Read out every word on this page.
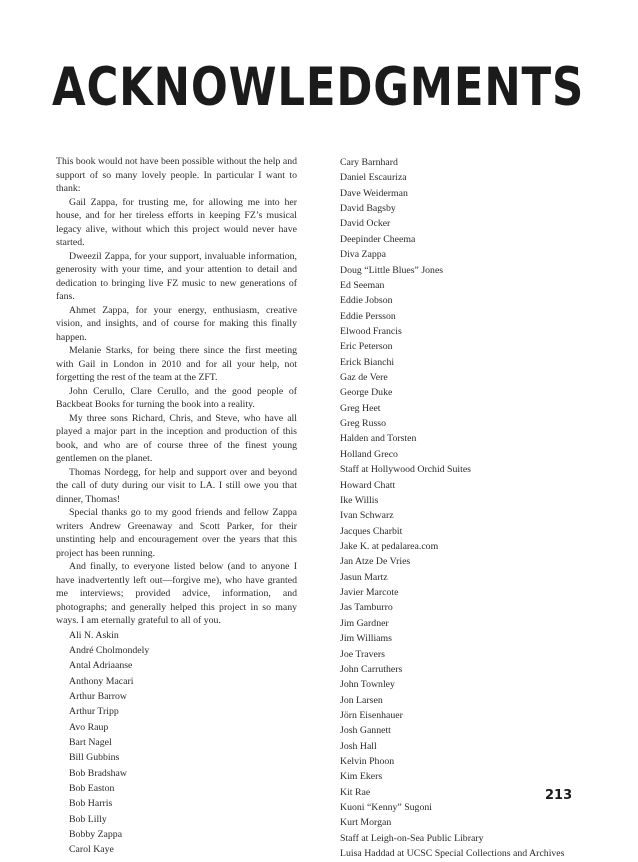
ACKNOWLEDGMENTS

This book would not have been possible without the help and support of so many lovely people. In particular I want to thank:

Gail Zappa, for trusting me, for allowing me into her house, and for her tireless efforts in keeping FZ’s musical legacy alive, without which this project would never have started.

Dweezil Zappa, for your support, invaluable information, generosity with your time, and your attention to detail and dedication to bringing live FZ music to new generations of fans.

Ahmet Zappa, for your energy, enthusiasm, creative vision, and insights, and of course for making this finally happen.

Melanie Starks, for being there since the first meeting with Gail in London in 2010 and for all your help, not forgetting the rest of the team at the ZFT.

John Cerullo, Clare Cerullo, and the good people of Backbeat Books for turning the book into a reality.

My three sons Richard, Chris, and Steve, who have all played a major part in the inception and production of this book, and who are of course three of the finest young gentlemen on the planet.

Thomas Nordegg, for help and support over and beyond the call of duty during our visit to LA. I still owe you that dinner, Thomas!

Special thanks go to my good friends and fellow Zappa writers Andrew Greenaway and Scott Parker, for their unstinting help and encouragement over the years that this project has been running.

And finally, to everyone listed below (and to anyone I have inadvertently left out—forgive me), who have granted me interviews; provided advice, information, and photographs; and generally helped this project in so many ways. I am eternally grateful to all of you.

Ali N. Askin
André Cholmondely
Antal Adriaanse
Anthony Macari
Arthur Barrow
Arthur Tripp
Avo Raup
Bart Nagel
Bill Gubbins
Bob Bradshaw
Bob Easton
Bob Harris
Bob Lilly
Bobby Zappa
Carol Kaye
Cary Barnhard
Daniel Escauriza
Dave Weiderman
David Bagsby
David Ocker
Deepinder Cheema
Diva Zappa
Doug “Little Blues” Jones
Ed Seeman
Eddie Jobson
Eddie Persson
Elwood Francis
Eric Peterson
Erick Bianchi
Gaz de Vere
George Duke
Greg Heet
Greg Russo
Halden and Torsten
Holland Greco
Staff at Hollywood Orchid Suites
Howard Chatt
Ike Willis
Ivan Schwarz
Jacques Charbit
Jake K. at pedalarea.com
Jan Atze De Vries
Jasun Martz
Javier Marcote
Jas Tamburro
Jim Gardner
Jim Williams
Joe Travers
John Carruthers
John Townley
Jon Larsen
Jörn Eisenhauer
Josh Gannett
Josh Hall
Kelvin Phoon
Kim Ekers
Kit Rae
Kuoni “Kenny” Sugoni
Kurt Morgan
Staff at Leigh-on-Sea Public Library
Luisa Haddad at UCSC Special Collections and Archives
213
